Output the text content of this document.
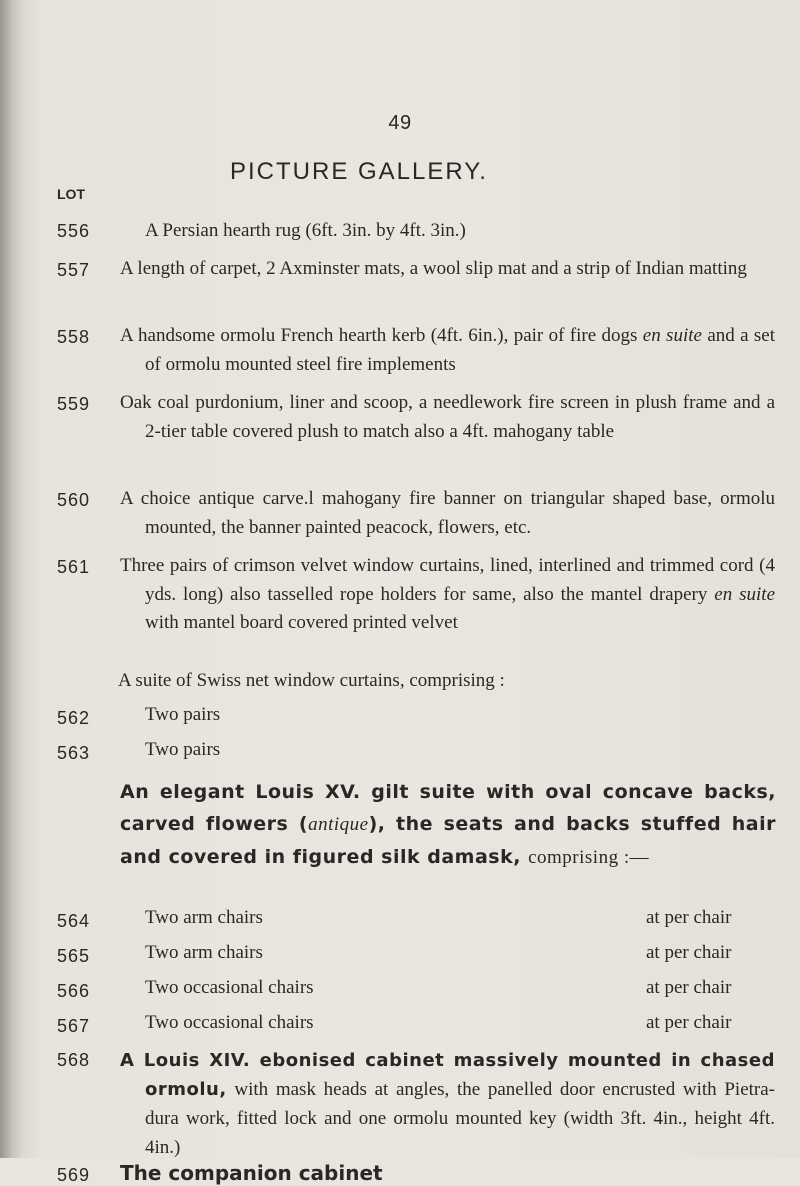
49
PICTURE GALLERY.
LOT
556	A Persian hearth rug (6ft. 3in. by 4ft. 3in.)
557 A length of carpet, 2 Axminster mats, a wool slip mat and a strip of Indian matting
558 A handsome ormolu French hearth kerb (4ft. 6in.), pair of fire dogs en suite and a set of ormolu mounted steel fire implements
559 Oak coal purdonium, liner and scoop, a needlework fire screen in plush frame and a 2-tier table covered plush to match also a 4ft. mahogany table
560 A choice antique carve.l mahogany fire banner on triangular shaped base, ormolu mounted, the banner painted peacock, flowers, etc.
561 Three pairs of crimson velvet window curtains, lined, interlined and trimmed cord (4 yds. long) also tasselled rope holders for same, also the mantel drapery en suite with mantel board covered printed velvet
A suite of Swiss net window curtains, comprising :
562	Two pairs
563	Two pairs
An elegant Louis XV. gilt suite with oval concave backs, carved flowers (antique), the seats and backs stuffed hair and covered in figured silk damask, comprising :—
564	Two arm chairs	at per chair
565	Two arm chairs	at per chair
566	Two occasional chairs	at per chair
567	Two occasional chairs	at per chair
568 A Louis XIV. ebonised cabinet massively mounted in chased ormolu, with mask heads at angles, the panelled door encrusted with Pietra-dura work, fitted lock and one ormolu mounted key (width 3ft. 4in., height 4ft. 4in.)
569 The companion cabinet
